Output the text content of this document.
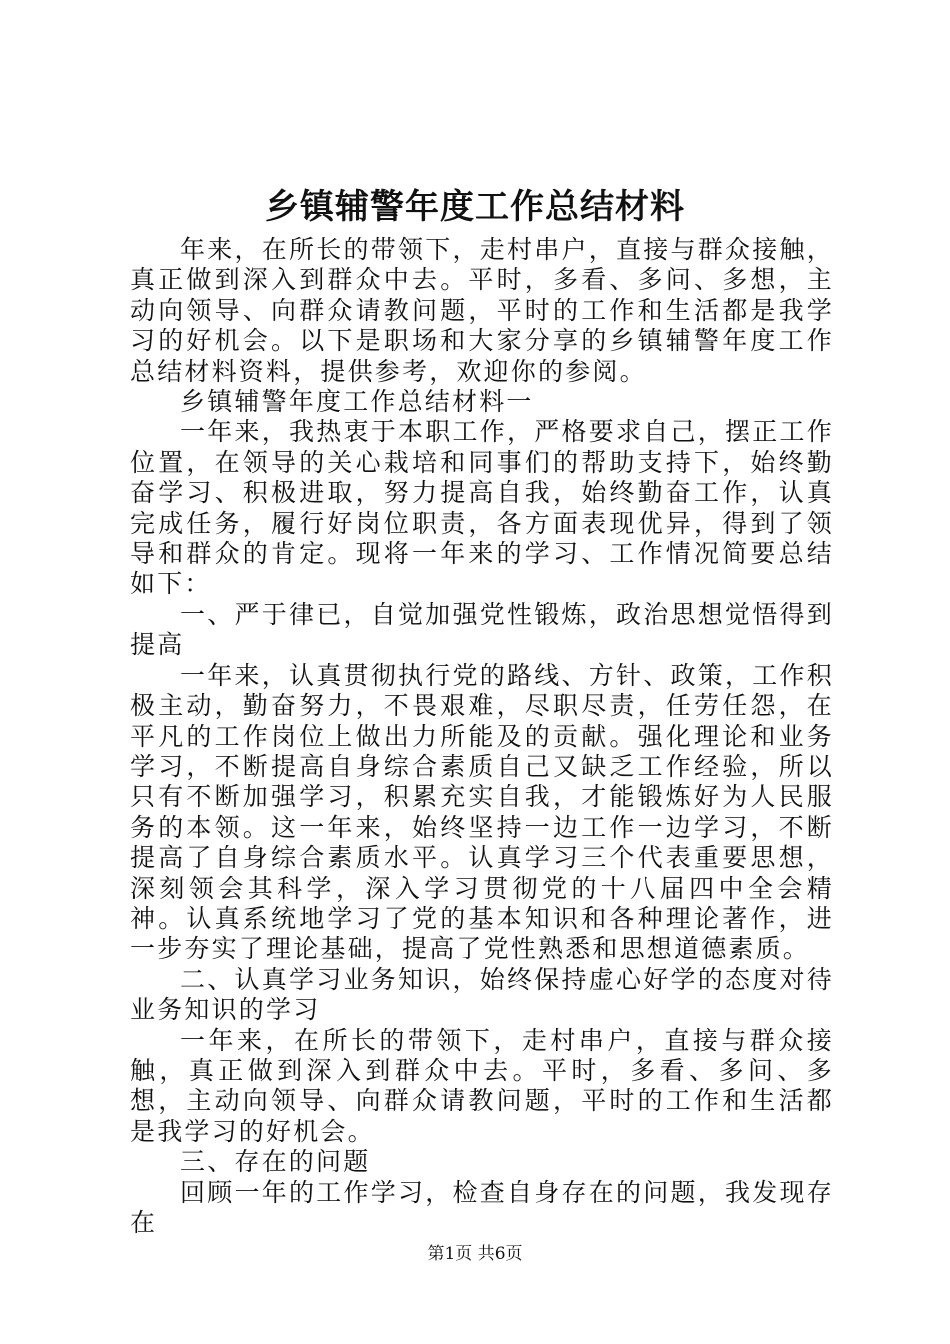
乡镇辅警年度工作总结材料

年来，在所长的带领下，走村串户，直接与群众接触，真正做到深入到群众中去。平时，多看、多问、多想，主动向领导、向群众请教问题，平时的工作和生活都是我学习的好机会。以下是职场和大家分享的乡镇辅警年度工作总结材料资料，提供参考，欢迎你的参阅。

乡镇辅警年度工作总结材料一

一年来，我热衷于本职工作，严格要求自己，摆正工作位置，在领导的关心栽培和同事们的帮助支持下，始终勤奋学习、积极进取，努力提高自我，始终勤奋工作，认真完成任务，履行好岗位职责，各方面表现优异，得到了领导和群众的肯定。现将一年来的学习、工作情况简要总结如下：

一、严于律已，自觉加强党性锻炼，政治思想觉悟得到提高

一年来，认真贯彻执行党的路线、方针、政策，工作积极主动，勤奋努力，不畏艰难，尽职尽责，任劳任怨，在平凡的工作岗位上做出力所能及的贡献。强化理论和业务学习，不断提高自身综合素质自己又缺乏工作经验，所以只有不断加强学习，积累充实自我，才能锻炼好为人民服务的本领。这一年来，始终坚持一边工作一边学习，不断提高了自身综合素质水平。认真学习三个代表重要思想，深刻领会其科学，深入学习贯彻党的十八届四中全会精神。认真系统地学习了党的基本知识和各种理论著作，进一步夯实了理论基础，提高了党性熟悉和思想道德素质。

二、认真学习业务知识，始终保持虚心好学的态度对待业务知识的学习

一年来，在所长的带领下，走村串户，直接与群众接触，真正做到深入到群众中去。平时，多看、多问、多想，主动向领导、向群众请教问题，平时的工作和生活都是我学习的好机会。

三、存在的问题

回顾一年的工作学习，检查自身存在的问题，我发现存在

第1页 共6页
